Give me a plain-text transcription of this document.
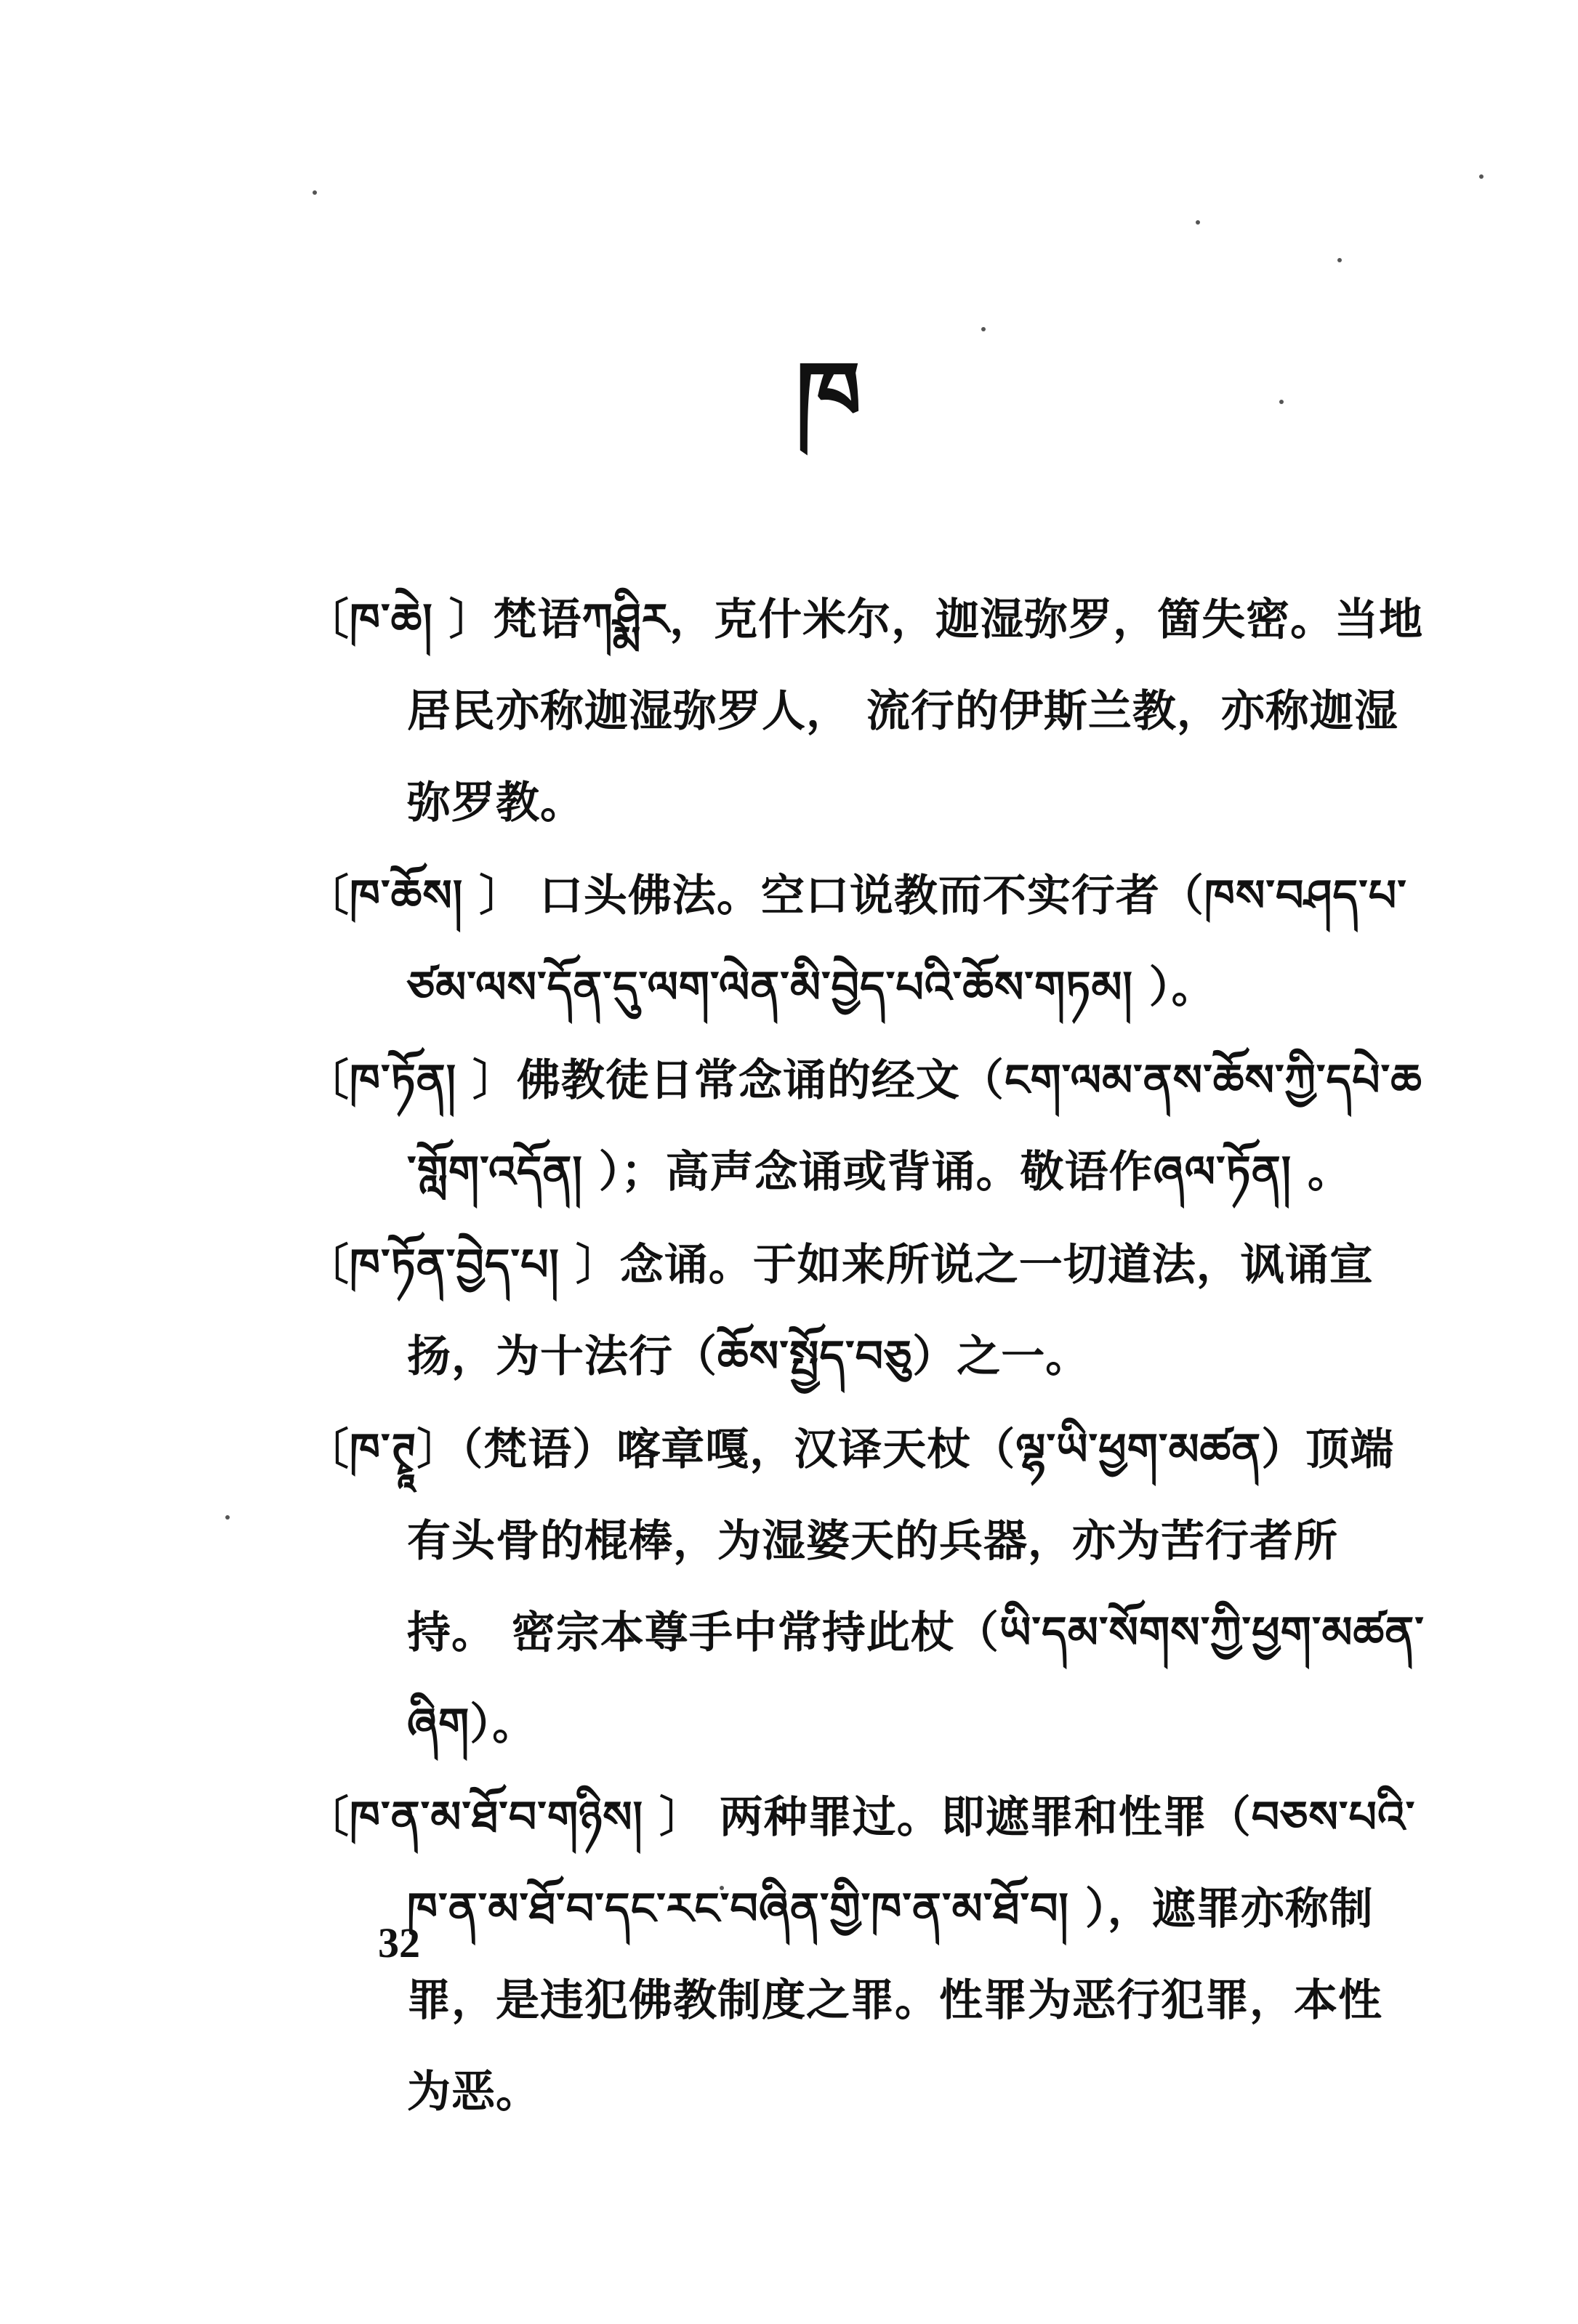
ཁ

〔ཁ་ཆེ། 〕梵语ཀཤྨིར，克什米尔，迦湿弥罗，箇失密。当地居民亦称迦湿弥罗人， 流行的伊斯兰教，亦称迦湿弥罗教。

〔ཁ་ཆོས། 〕 口头佛法。空口说教而不实行者（ཁས་བཤད་པ་ཙམ་ལས་དོན་དུ་ལག་ལེན་མི་བྱེད་པའི་ཆོས་གཏམ། ）。

〔ཁ་ཏོན། 〕佛教徒日常念诵的经文（ངག་ལམ་ནས་ཆོས་ཀྱི་དཔེ་ཆ་གློག་འདོན། ）；高声念诵或背诵。敬语作ཞལ་ཏོན། 。

〔ཁ་ཏོན་བྱེད་པ། 〕念诵。于如来所说之一切道法，讽诵宣扬，为十法行（ཆོས་སྤྱོད་བཅུ）之一。

〔ཁ་ཊྭཱ〕（梵语）喀章嘎，汉译天杖（ལྷ་ཡི་ཕྱག་མཚན）顶端有头骨的棍棒，为湿婆天的兵器，亦为苦行者所持。 密宗本尊手中常持此杖（ཡི་དམ་སོགས་ཀྱི་ཕྱག་མཚན་ཞིག）。

〔ཁ་ན་མ་ཐོ་བ་གཉིས། 〕 两种罪过。即遮罪和性罪（བཅས་པའི་ཁ་ན་མ་ཐོ་བ་དང་རང་བཞིན་གྱི་ཁ་ན་མ་ཐོ་བ། ），遮罪亦称制罪，是违犯佛教制度之罪。性罪为恶行犯罪，本性为恶。

32
